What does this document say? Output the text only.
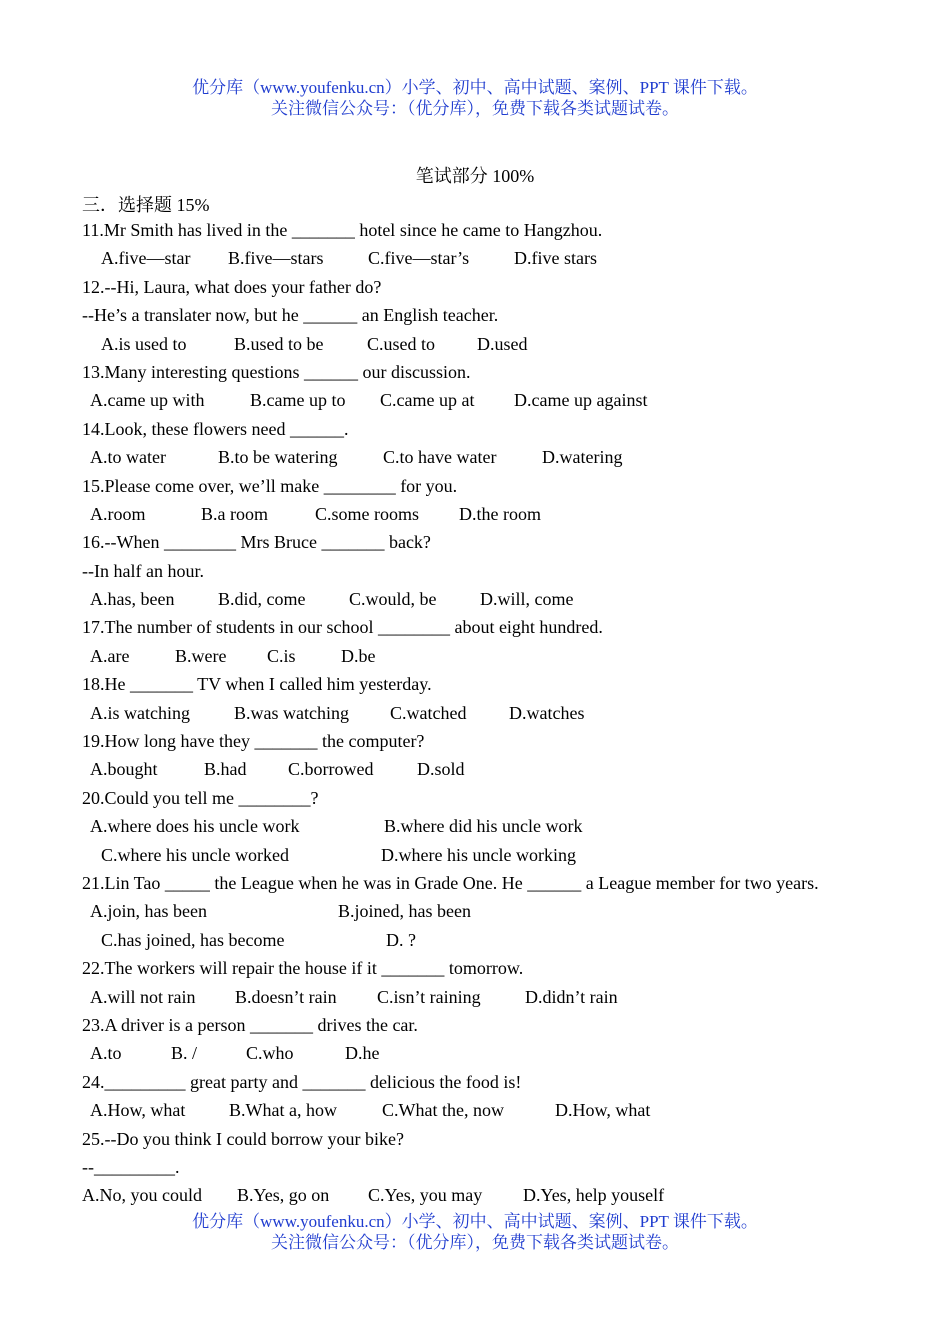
优分库（www.youfenku.cn）小学、初中、高中试题、案例、PPT 课件下载。
关注微信公众号：（优分库），免费下载各类试题试卷。
笔试部分 100%
三．选择题 15%
11.Mr Smith has lived in the _______ hotel since he came to Hangzhou.
A.five—star B.five—stars C.five—star’s D.five stars
12.--Hi, Laura, what does your father do?
--He’s a translater now, but he ______ an English teacher.
A.is used to	B.used to be C.used to D.used
13.Many interesting questions ______ our discussion.
A.came up with	B.came up to C.came up at D.came up against
14.Look, these flowers need ______.
A.to water	B.to be watering	C.to have water	D.watering
15.Please come over, we’ll make ________ for you.
A.room	B.a room	C.some rooms D.the room
16.--When ________ Mrs Bruce _______ back?
--In half an hour.
A.has, been B.did, come C.would, be D.will, come
17.The number of students in our school ________ about eight hundred.
A.are	B.were C.is	D.be
18.He _______ TV when I called him yesterday.
A.is watching B.was watching C.watched D.watches
19.How long have they _______ the computer?
A.bought	B.had C.borrowed D.sold
20.Could you tell me ________?
A.where does his uncle work	B.where did his uncle work
C.where his uncle worked	D.where his uncle working
21.Lin Tao _____ the League when he was in Grade One. He ______ a League member for two years.
A.join, has been	B.joined, has been
C.has joined, has become	D. ?
22.The workers will repair the house if it _______ tomorrow.
A.will not rain B.doesn’t rain C.isn’t raining D.didn’t rain
23.A driver is a person _______ drives the car.
A.to	B. /	C.who	D.he
24._________ great party and _______ delicious the food is!
A.How, what B.What a, how	C.What the, now	D.How, what
25.--Do you think I could borrow your bike?
--_________.
A.No, you could B.Yes, go on C.Yes, you may D.Yes, help youself
优分库（www.youfenku.cn）小学、初中、高中试题、案例、PPT 课件下载。
关注微信公众号：（优分库），免费下载各类试题试卷。
